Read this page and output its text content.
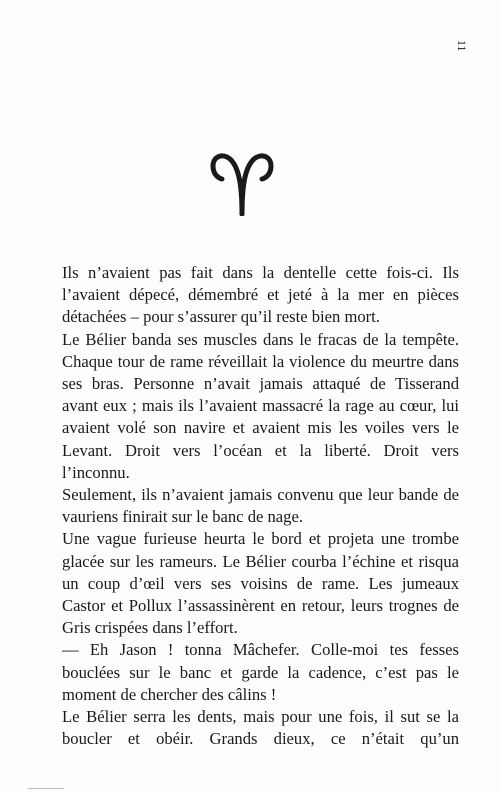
11

Ils n’avaient pas fait dans la dentelle cette fois-ci. Ils l’avaient dépecé, démembré et jeté à la mer en pièces détachées – pour s’assurer qu’il reste bien mort.

Le Bélier banda ses muscles dans le fracas de la tempête. Chaque tour de rame réveillait la violence du meurtre dans ses bras. Personne n’avait jamais attaqué de Tisserand avant eux ; mais ils l’avaient massacré la rage au cœur, lui avaient volé son navire et avaient mis les voiles vers le Levant. Droit vers l’océan et la liberté. Droit vers l’inconnu.

Seulement, ils n’avaient jamais convenu que leur bande de vauriens finirait sur le banc de nage.

Une vague furieuse heurta le bord et projeta une trombe glacée sur les rameurs. Le Bélier courba l’échine et risqua un coup d’œil vers ses voisins de rame. Les jumeaux Castor et Pollux l’assassinèrent en retour, leurs trognes de Gris crispées dans l’effort.

— Eh Jason ! tonna Mâchefer. Colle-moi tes fesses bouclées sur le banc et garde la cadence, c’est pas le moment de chercher des câlins !

Le Bélier serra les dents, mais pour une fois, il sut se la boucler et obéir. Grands dieux, ce n’était qu’un
